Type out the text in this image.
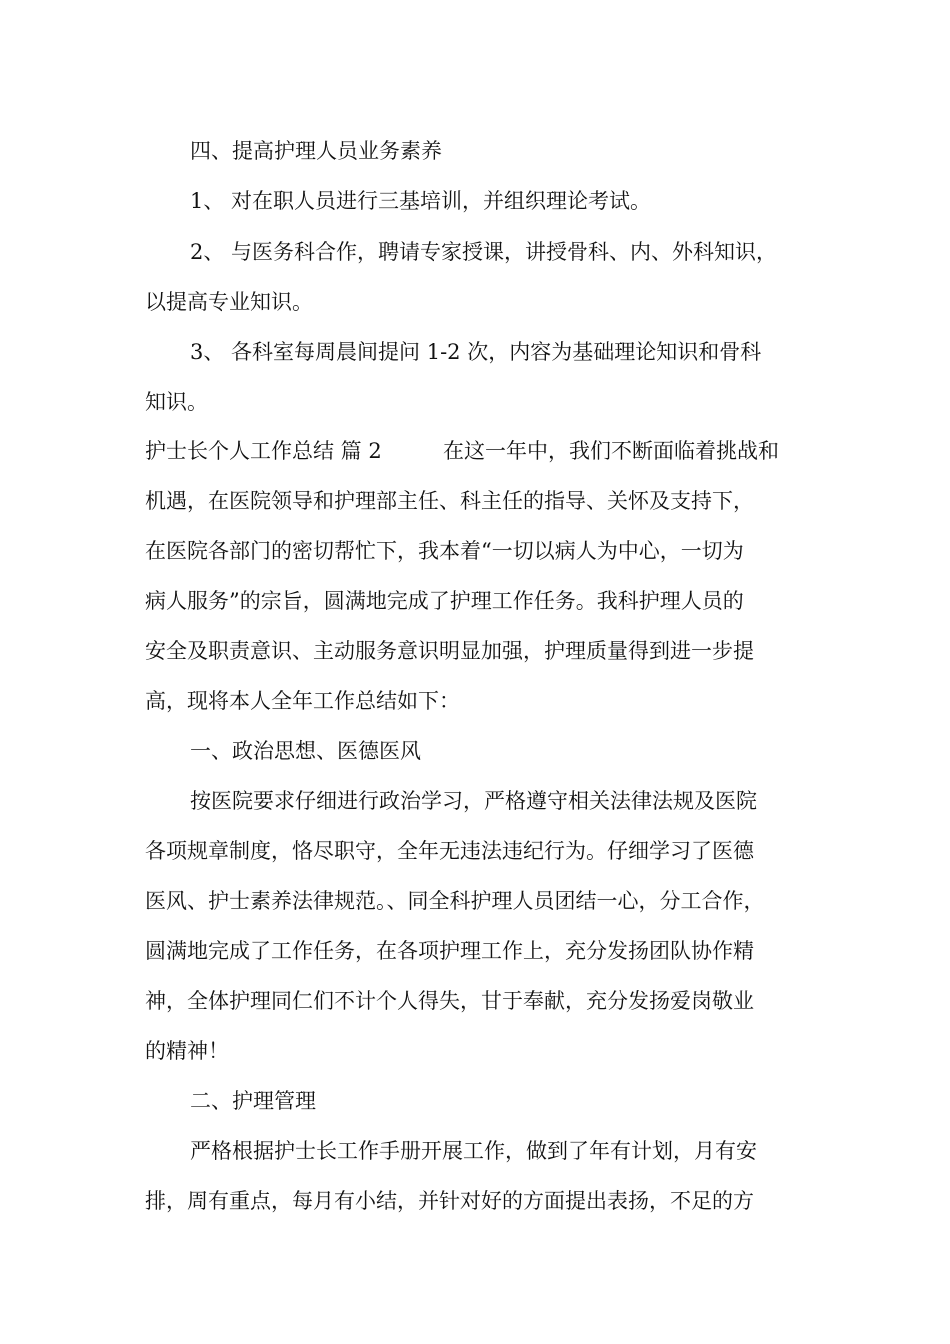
四、提高护理人员业务素养
1、 对在职人员进行三基培训，并组织理论考试。
2、 与医务科合作，聘请专家授课，讲授骨科、内、外科知识，
以提高专业知识。
3、 各科室每周晨间提问 1-2 次，内容为基础理论知识和骨科
知识。
护士长个人工作总结 篇 2	在这一年中，我们不断面临着挑战和
机遇，在医院领导和护理部主任、科主任的指导、关怀及支持下，
在医院各部门的密切帮忙下，我本着“一切以病人为中心，一切为
病人服务”的宗旨，圆满地完成了护理工作任务。我科护理人员的
安全及职责意识、主动服务意识明显加强，护理质量得到进一步提
高，现将本人全年工作总结如下：
一、政治思想、医德医风
按医院要求仔细进行政治学习，严格遵守相关法律法规及医院
各项规章制度，恪尽职守，全年无违法违纪行为。仔细学习了医德
医风、护士素养法律规范。、同全科护理人员团结一心，分工合作，
圆满地完成了工作任务，在各项护理工作上，充分发扬团队协作精
神，全体护理同仁们不计个人得失，甘于奉献，充分发扬爱岗敬业
的精神！
二、护理管理
严格根据护士长工作手册开展工作，做到了年有计划，月有安
排，周有重点，每月有小结，并针对好的方面提出表扬，不足的方
